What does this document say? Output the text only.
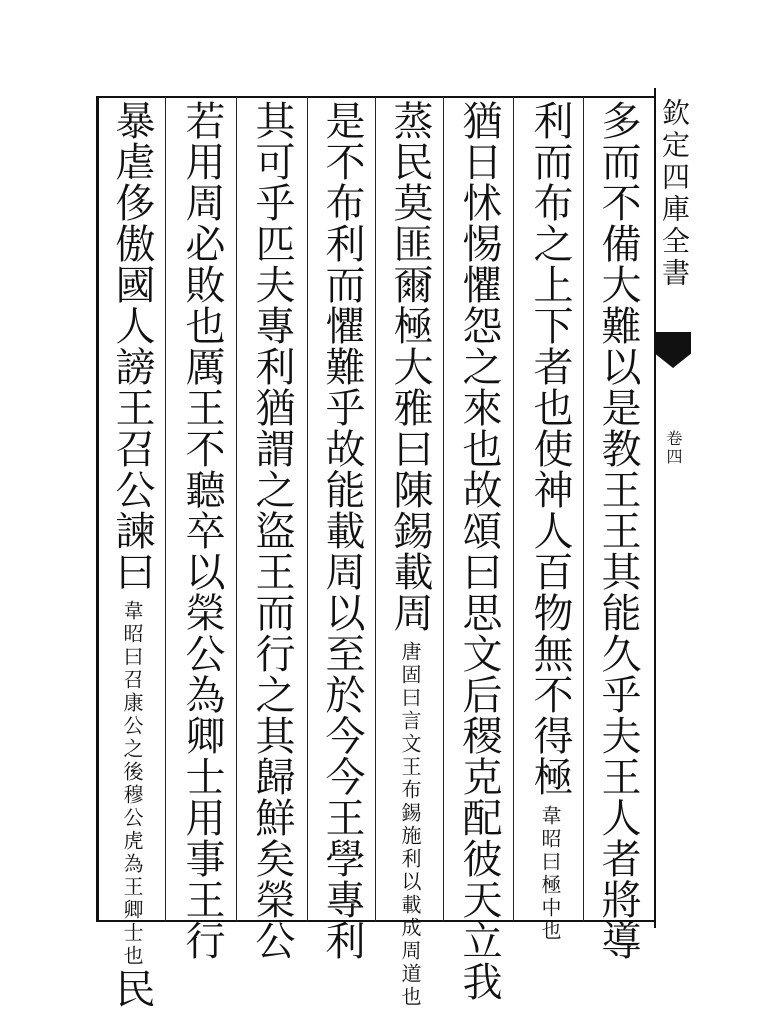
欽定四庫全書
卷四
多而不備大難以是教王王其能久乎夫王人者將導
利而布之上下者也使神人百物無不得極韋昭曰極中也
猶日怵惕懼怨之來也故頌曰思文后稷克配彼天立我
蒸民莫匪爾極大雅曰陳錫載周唐固曰言文王布錫施利以載成周道也
是不布利而懼難乎故能載周以至於今今王學專利
其可乎匹夫專利猶謂之盜王而行之其歸鮮矣榮公
若用周必敗也厲王不聽卒以榮公為卿士用事王行
暴虐侈傲國人謗王召公諫曰韋昭曰召康公之後穆公虎為王卿士也民
